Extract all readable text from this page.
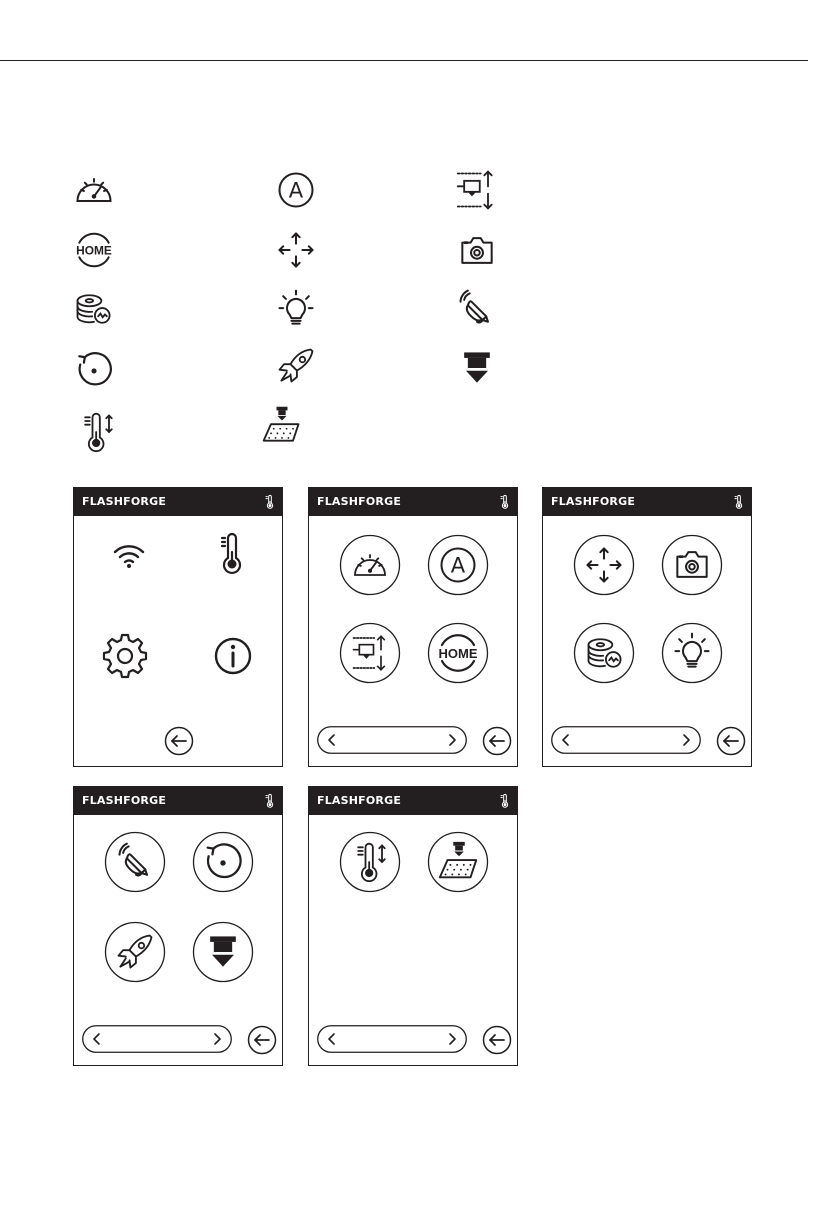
FLASHFORGE	FLASHFORGE	FLASHFORGE
FLASHFORGE	FLASHFORGE
